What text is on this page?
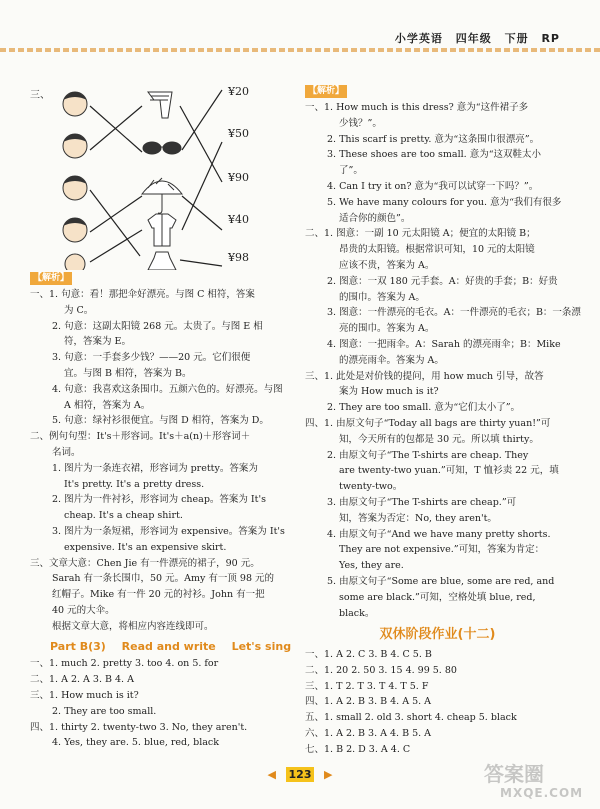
小学英语 四年级 下册 RP
三、	¥20
¥50
¥90
¥40
¥98
【解析】
一、1. 句意：看！那把伞好漂亮。与图 C 相符，答案
为 C。
2. 句意：这副太阳镜 268 元。太贵了。与图 E 相
符，答案为 E。
3. 句意：一手套多少钱？——20 元。它们很便
宜。与图 B 相符，答案为 B。
4. 句意：我喜欢这条围巾。五颜六色的。好漂亮。与图
A 相符，答案为 A。
5. 句意：绿衬衫很便宜。与图 D 相符，答案为 D。
二、例句句型：It's＋形容词。It's＋a(n)＋形容词＋
名词。
1. 图片为一条连衣裙，形容词为 pretty。答案为
It's pretty. It's a pretty dress.
2. 图片为一件衬衫，形容词为 cheap。答案为 It's
cheap. It's a cheap shirt.
3. 图片为一条短裙，形容词为 expensive。答案为 It's
expensive. It's an expensive skirt.
三、文章大意：Chen Jie 有一件漂亮的裙子，90 元。
Sarah 有一条长围巾，50 元。Amy 有一顶 98 元的
红帽子。Mike 有一件 20 元的衬衫。John 有一把
40 元的大伞。
根据文章大意，将相应内容连线即可。
Part B(3) Read and write Let's sing
一、1. much 2. pretty 3. too 4. on 5. for
二、1. A 2. A 3. B 4. A
三、1. How much is it?
2. They are too small.
四、1. thirty 2. twenty-two 3. No, they aren't.
4. Yes, they are. 5. blue, red, black
【解析】
一、1. How much is this dress? 意为“这件裙子多
少钱？”。
2. This scarf is pretty. 意为“这条围巾很漂亮”。
3. These shoes are too small. 意为“这双鞋太小
了”。
4. Can I try it on? 意为“我可以试穿一下吗？”。
5. We have many colours for you. 意为“我们有很多
适合你的颜色”。
二、1. 图意：一副 10 元太阳镜 A；便宜的太阳镜 B；
昂贵的太阳镜。根据常识可知，10 元的太阳镜
应该不贵，答案为 A。
2. 图意：一双 180 元手套。A：好贵的手套；B：好贵
的围巾。答案为 A。
3. 图意：一件漂亮的毛衣。A：一件漂亮的毛衣；B：一条漂
亮的围巾。答案为 A。
4. 图意：一把雨伞。A：Sarah 的漂亮雨伞；B：Mike
的漂亮雨伞。答案为 A。
三、1. 此处是对价钱的提问，用 how much 引导，故答
案为 How much is it?
2. They are too small. 意为“它们太小了”。
四、1. 由原文句子“Today all bags are thirty yuan!”可
知，今天所有的包都是 30 元。所以填 thirty。
2. 由原文句子“The T-shirts are cheap. They
are twenty-two yuan.”可知，T 恤衫卖 22 元，填
twenty-two。
3. 由原文句子“The T-shirts are cheap.”可
知，答案为否定：No, they aren't。
4. 由原文句子“And we have many pretty shorts.
They are not expensive.”可知，答案为肯定：
Yes, they are.
5. 由原文句子“Some are blue, some are red, and
some are black.”可知，空格处填 blue, red,
black。
双休阶段作业(十二)
一、1. A 2. C 3. B 4. C 5. B
二、1. 20 2. 50 3. 15 4. 99 5. 80
三、1. T 2. T 3. T 4. T 5. F
四、1. A 2. B 3. B 4. A 5. A
五、1. small 2. old 3. short 4. cheap 5. black
六、1. A 2. B 3. A 4. B 5. A
七、1. B 2. D 3. A 4. C
◀ 123 ▶	答案圈
MXQE.COM
